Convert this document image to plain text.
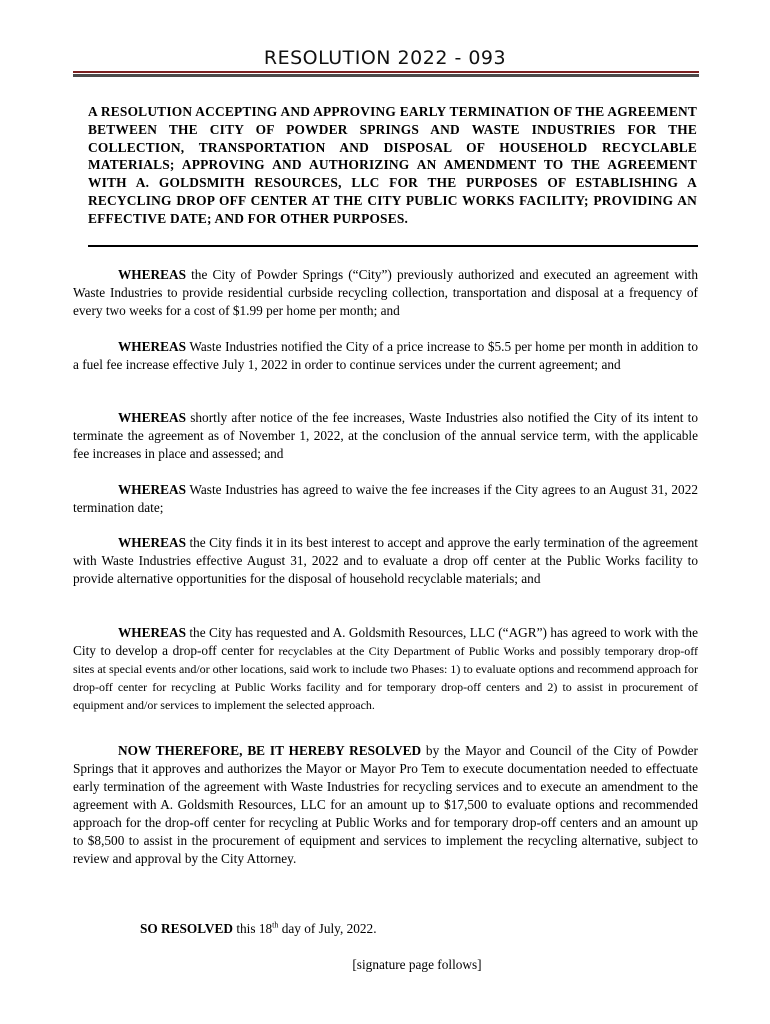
RESOLUTION 2022 - 093
A RESOLUTION ACCEPTING AND APPROVING EARLY TERMINATION OF THE AGREEMENT BETWEEN THE CITY OF POWDER SPRINGS AND WASTE INDUSTRIES FOR THE COLLECTION, TRANSPORTATION AND DISPOSAL OF HOUSEHOLD RECYCLABLE MATERIALS; APPROVING AND AUTHORIZING AN AMENDMENT TO THE AGREEMENT WITH A. GOLDSMITH RESOURCES, LLC FOR THE PURPOSES OF ESTABLISHING A RECYCLING DROP OFF CENTER AT THE CITY PUBLIC WORKS FACILITY; PROVIDING AN EFFECTIVE DATE; AND FOR OTHER PURPOSES.

WHEREAS the City of Powder Springs (“City”) previously authorized and executed an agreement with Waste Industries to provide residential curbside recycling collection, transportation and disposal at a frequency of every two weeks for a cost of $1.99 per home per month; and

WHEREAS Waste Industries notified the City of a price increase to $5.5 per home per month in addition to a fuel fee increase effective July 1, 2022 in order to continue services under the current agreement; and

WHEREAS shortly after notice of the fee increases, Waste Industries also notified the City of its intent to terminate the agreement as of November 1, 2022, at the conclusion of the annual service term, with the applicable fee increases in place and assessed; and

WHEREAS Waste Industries has agreed to waive the fee increases if the City agrees to an August 31, 2022 termination date;

WHEREAS the City finds it in its best interest to accept and approve the early termination of the agreement with Waste Industries effective August 31, 2022 and to evaluate a drop off center at the Public Works facility to provide alternative opportunities for the disposal of household recyclable materials; and

WHEREAS the City has requested and A. Goldsmith Resources, LLC (“AGR”) has agreed to work with the City to develop a drop-off center for recyclables at the City Department of Public Works and possibly temporary drop-off sites at special events and/or other locations, said work to include two Phases: 1) to evaluate options and recommend approach for drop-off center for recycling at Public Works facility and for temporary drop-off centers and 2) to assist in procurement of equipment and/or services to implement the selected approach.

NOW THEREFORE, BE IT HEREBY RESOLVED by the Mayor and Council of the City of Powder Springs that it approves and authorizes the Mayor or Mayor Pro Tem to execute documentation needed to effectuate early termination of the agreement with Waste Industries for recycling services and to execute an amendment to the agreement with A. Goldsmith Resources, LLC for an amount up to $17,500 to evaluate options and recommended approach for the drop-off center for recycling at Public Works and for temporary drop-off centers and an amount up to $8,500 to assist in the procurement of equipment and services to implement the recycling alternative, subject to review and approval by the City Attorney.

SO RESOLVED this 18th day of July, 2022.
[signature page follows]
